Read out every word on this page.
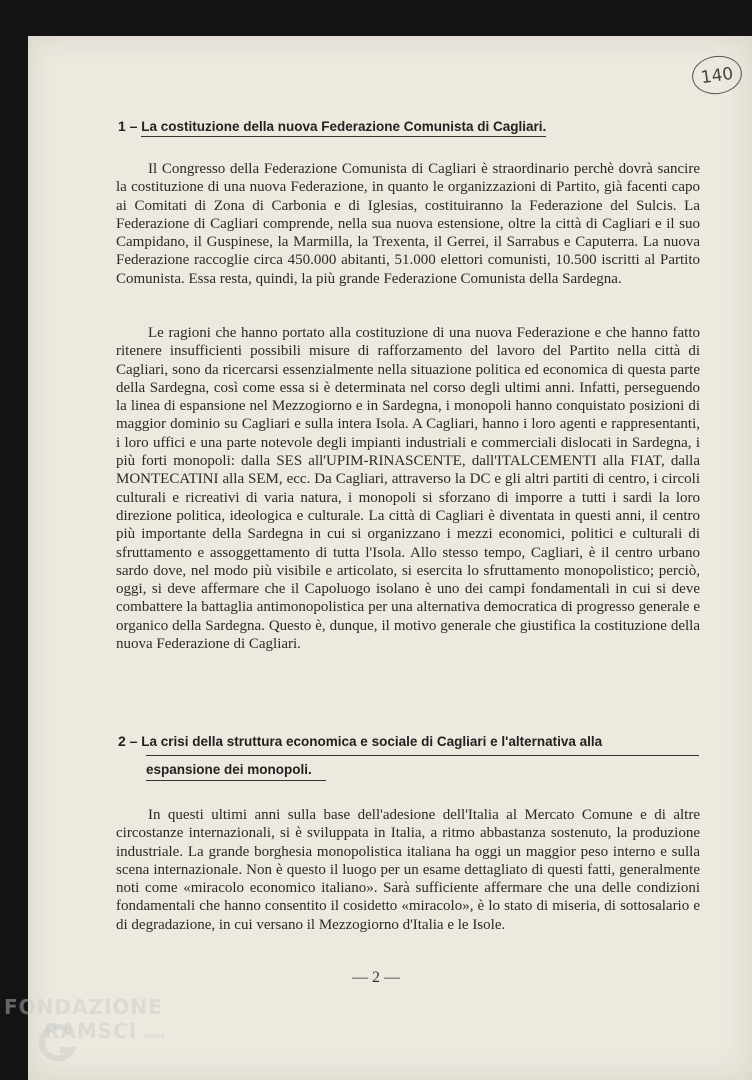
140
1 – La costituzione della nuova Federazione Comunista di Cagliari.

Il Congresso della Federazione Comunista di Cagliari è straordinario perchè dovrà sancire la costituzione di una nuova Federazione, in quanto le organizzazioni di Partito, già facenti capo ai Comitati di Zona di Carbonia e di Iglesias, costituiranno la Federazione del Sulcis. La Federazione di Cagliari comprende, nella sua nuova estensione, oltre la città di Cagliari e il suo Campidano, il Guspinese, la Marmilla, la Trexenta, il Gerrei, il Sarrabus e Caputerra. La nuova Federazione raccoglie circa 450.000 abitanti, 51.000 elettori comunisti, 10.500 iscritti al Partito Comunista. Essa resta, quindi, la più grande Federazione Comunista della Sardegna.

Le ragioni che hanno portato alla costituzione di una nuova Federazione e che hanno fatto ritenere insufficienti possibili misure di rafforzamento del lavoro del Partito nella città di Cagliari, sono da ricercarsi essenzialmente nella situazione politica ed economica di questa parte della Sardegna, così come essa si è determinata nel corso degli ultimi anni. Infatti, perseguendo la linea di espansione nel Mezzogiorno e in Sardegna, i monopoli hanno conquistato posizioni di maggior dominio su Cagliari e sulla intera Isola. A Cagliari, hanno i loro agenti e rappresentanti, i loro uffici e una parte notevole degli impianti industriali e commerciali dislocati in Sardegna, i più forti monopoli: dalla SES all'UPIM-RINASCENTE, dall'ITALCEMENTI alla FIAT, dalla MONTECATINI alla SEM, ecc. Da Cagliari, attraverso la DC e gli altri partiti di centro, i circoli culturali e ricreativi di varia natura, i monopoli si sforzano di imporre a tutti i sardi la loro direzione politica, ideologica e culturale. La città di Cagliari è diventata in questi anni, il centro più importante della Sardegna in cui si organizzano i mezzi economici, politici e culturali di sfruttamento e assoggettamento di tutta l'Isola. Allo stesso tempo, Cagliari, è il centro urbano sardo dove, nel modo più visibile e articolato, si esercita lo sfruttamento monopolistico; perciò, oggi, si deve affermare che il Capoluogo isolano è uno dei campi fondamentali in cui si deve combattere la battaglia antimonopolistica per una alternativa democratica di progresso generale e organico della Sardegna. Questo è, dunque, il motivo generale che giustifica la costituzione della nuova Federazione di Cagliari.

2 – La crisi della struttura economica e sociale di Cagliari e l'alternativa alla
espansione dei monopoli.

In questi ultimi anni sulla base dell'adesione dell'Italia al Mercato Comune e di altre circostanze internazionali, si è sviluppata in Italia, a ritmo abbastanza sostenuto, la produzione industriale. La grande borghesia monopolistica italiana ha oggi un maggior peso interno e sulla scena internazionale. Non è questo il luogo per un esame dettagliato di questi fatti, generalmente noti come «miracolo economico italiano». Sarà sufficiente affermare che una delle condizioni fondamentali che hanno consentito il cosidetto «miracolo», è lo stato di miseria, di sottosalario e di degradazione, in cui versano il Mezzogiorno d'Italia e le Isole.

— 2 —
FONDAZIONE
RAMSCI onlus
